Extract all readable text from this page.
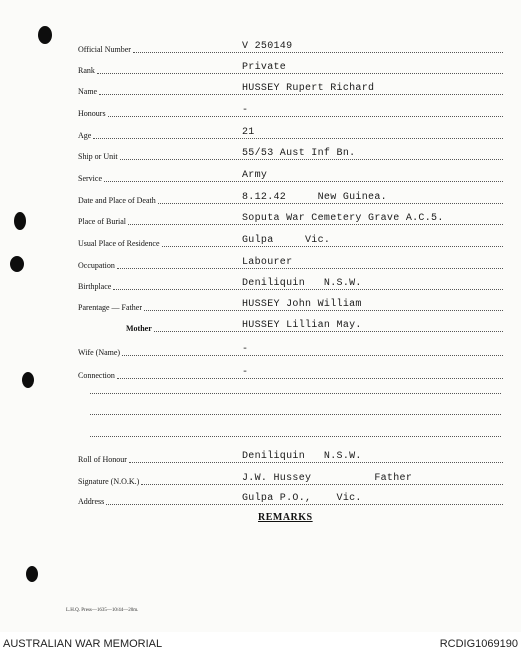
Official Number	V 250149
Rank	Private
Name	HUSSEY Rupert Richard
Honours	-
Age	21
Ship or Unit	55/53 Aust Inf Bn.
Service	Army
Date and Place of Death	8.12.42     New Guinea.
Place of Burial	Soputa War Cemetery Grave A.C.5.
Usual Place of Residence	Gulpa     Vic.
Occupation	Labourer
Birthplace	Deniliquin   N.S.W.
Parentage — Father	HUSSEY John William
Mother	HUSSEY Lillian May.
Wife (Name)	-
Connection	-
Roll of Honour	Deniliquin   N.S.W.
Signature (N.O.K.)	J.W. Hussey          Father
Address	Gulpa P.O.,    Vic.
REMARKS
L.H.Q. Press—1635—10/44—20m.
AUSTRALIAN WAR MEMORIAL	RCDIG1069190
